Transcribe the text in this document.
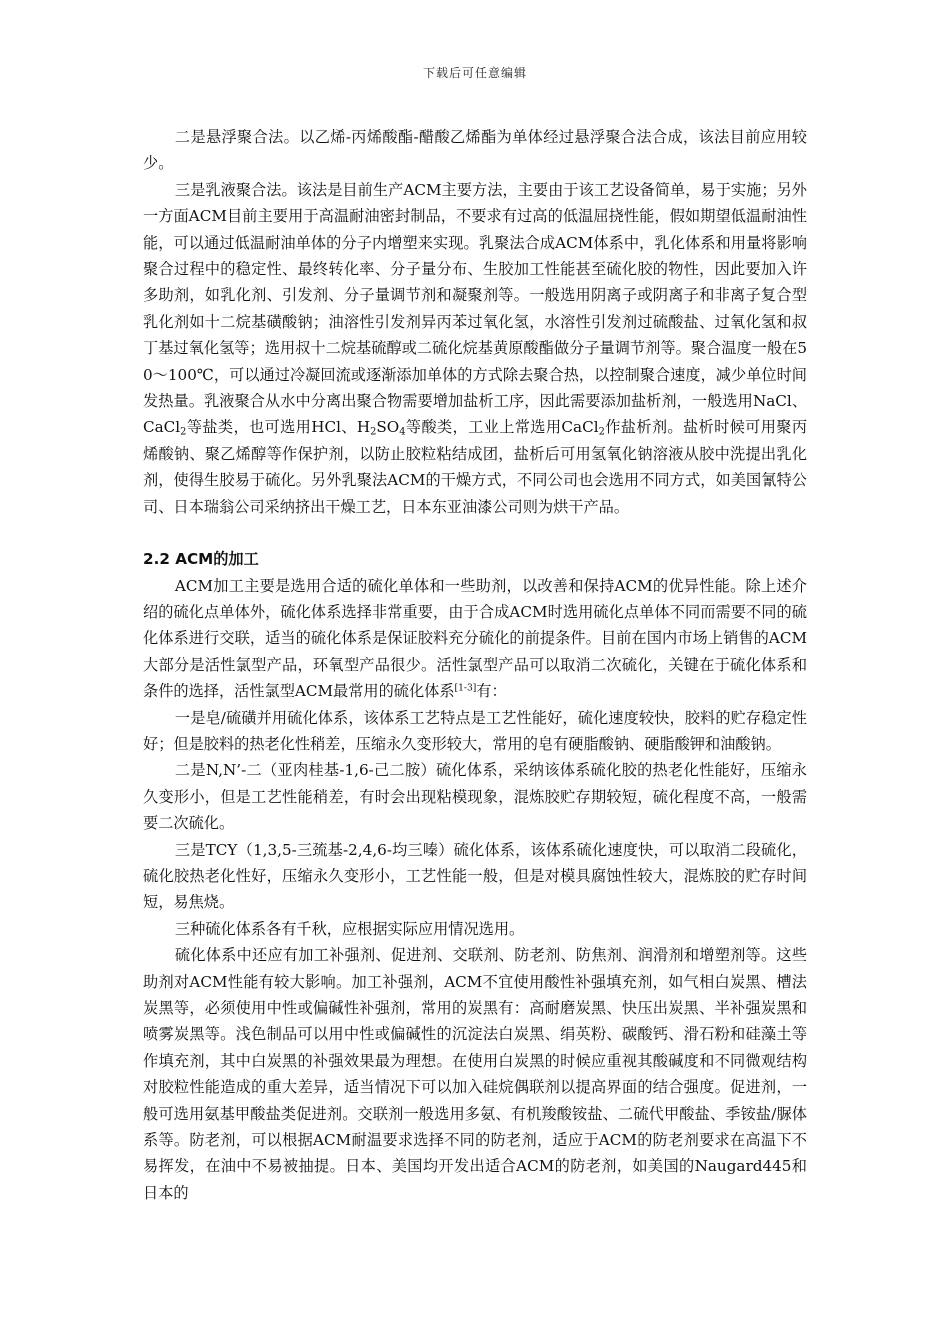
下载后可任意编辑

二是悬浮聚合法。以乙烯-丙烯酸酯-醋酸乙烯酯为单体经过悬浮聚合法合成，该法目前应用较少。

三是乳液聚合法。该法是目前生产ACM主要方法，主要由于该工艺设备简单，易于实施；另外一方面ACM目前主要用于高温耐油密封制品，不要求有过高的低温屈挠性能，假如期望低温耐油性能，可以通过低温耐油单体的分子内增塑来实现。乳聚法合成ACM体系中，乳化体系和用量将影响聚合过程中的稳定性、最终转化率、分子量分布、生胶加工性能甚至硫化胶的物性，因此要加入许多助剂，如乳化剂、引发剂、分子量调节剂和凝聚剂等。一般选用阴离子或阴离子和非离子复合型乳化剂如十二烷基磺酸钠；油溶性引发剂异丙苯过氧化氢，水溶性引发剂过硫酸盐、过氧化氢和叔丁基过氧化氢等；选用叔十二烷基硫醇或二硫化烷基黄原酸酯做分子量调节剂等。聚合温度一般在50～100℃，可以通过冷凝回流或逐渐添加单体的方式除去聚合热，以控制聚合速度，减少单位时间发热量。乳液聚合从水中分离出聚合物需要增加盐析工序，因此需要添加盐析剂，一般选用NaCl、CaCl$_2$等盐类，也可选用HCl、$H_2SO_4$等酸类，工业上常选用CaCl$_2$作盐析剂。盐析时候可用聚丙烯酸钠、聚乙烯醇等作保护剂，以防止胶粒粘结成团，盐析后可用氢氧化钠溶液从胶中洗提出乳化剂，使得生胶易于硫化。另外乳聚法ACM的干燥方式，不同公司也会选用不同方式，如美国氰特公司、日本瑞翁公司采纳挤出干燥工艺，日本东亚油漆公司则为烘干产品。

2.2 ACM的加工

ACM加工主要是选用合适的硫化单体和一些助剂，以改善和保持ACM的优异性能。除上述介绍的硫化点单体外，硫化体系选择非常重要，由于合成ACM时选用硫化点单体不同而需要不同的硫化体系进行交联，适当的硫化体系是保证胶料充分硫化的前提条件。目前在国内市场上销售的ACM大部分是活性氯型产品，环氧型产品很少。活性氯型产品可以取消二次硫化，关键在于硫化体系和条件的选择，活性氯型ACM最常用的硫化体系[1-3]有：

一是皂/硫磺并用硫化体系，该体系工艺特点是工艺性能好，硫化速度较快，胶料的贮存稳定性好；但是胶料的热老化性稍差，压缩永久变形较大，常用的皂有硬脂酸钠、硬脂酸钾和油酸钠。

二是N,N’-二（亚肉桂基-1,6-己二胺）硫化体系，采纳该体系硫化胶的热老化性能好，压缩永久变形小，但是工艺性能稍差，有时会出现粘模现象，混炼胶贮存期较短，硫化程度不高，一般需要二次硫化。

三是TCY（1,3,5-三巯基-2,4,6-均三嗪）硫化体系，该体系硫化速度快，可以取消二段硫化，硫化胶热老化性好，压缩永久变形小，工艺性能一般，但是对模具腐蚀性较大，混炼胶的贮存时间短，易焦烧。

三种硫化体系各有千秋，应根据实际应用情况选用。

硫化体系中还应有加工补强剂、促进剂、交联剂、防老剂、防焦剂、润滑剂和增塑剂等。这些助剂对ACM性能有较大影响。加工补强剂，ACM不宜使用酸性补强填充剂，如气相白炭黑、槽法炭黑等，必须使用中性或偏碱性补强剂，常用的炭黑有：高耐磨炭黑、快压出炭黑、半补强炭黑和喷雾炭黑等。浅色制品可以用中性或偏碱性的沉淀法白炭黑、绢英粉、碳酸钙、滑石粉和硅藻土等作填充剂，其中白炭黑的补强效果最为理想。在使用白炭黑的时候应重视其酸碱度和不同微观结构对胶粒性能造成的重大差异，适当情况下可以加入硅烷偶联剂以提高界面的结合强度。促进剂，一般可选用氨基甲酸盐类促进剂。交联剂一般选用多氨、有机羧酸铵盐、二硫代甲酸盐、季铵盐/脲体系等。防老剂，可以根据ACM耐温要求选择不同的防老剂，适应于ACM的防老剂要求在高温下不易挥发，在油中不易被抽提。日本、美国均开发出适合ACM的防老剂，如美国的Naugard445和日本的
